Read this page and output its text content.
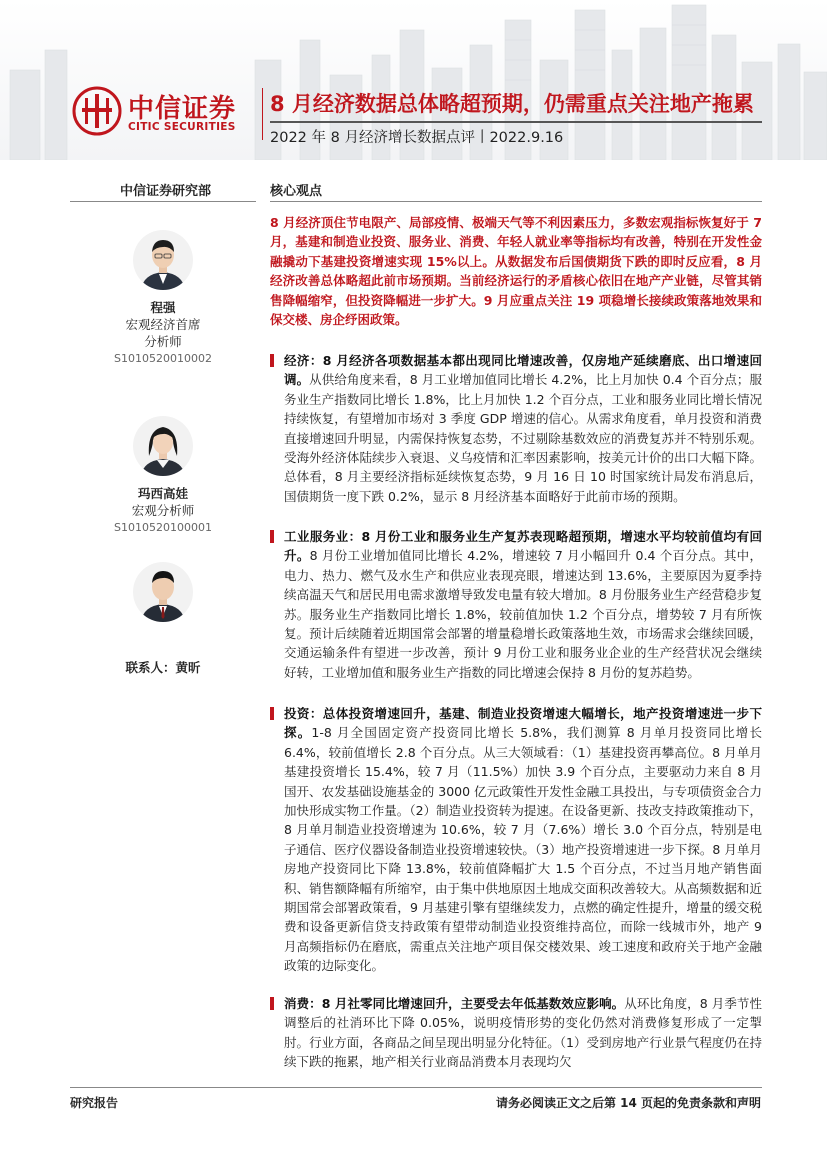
中信证券
CITIC SECURITIES
8 月经济数据总体略超预期，仍需重点关注地产拖累
2022 年 8 月经济增长数据点评丨2022.9.16
中信证券研究部
程强
宏观经济首席
分析师
S1010520010002
玛西高娃
宏观分析师
S1010520100001
联系人：黄昕
核心观点
8 月经济顶住节电限产、局部疫情、极端天气等不利因素压力，多数宏观指标恢复好于 7 月，基建和制造业投资、服务业、消费、年轻人就业率等指标均有改善，特别在开发性金融撬动下基建投资增速实现 15%以上。从数据发布后国债期货下跌的即时反应看，8 月经济改善总体略超此前市场预期。当前经济运行的矛盾核心依旧在地产产业链，尽管其销售降幅缩窄，但投资降幅进一步扩大。9 月应重点关注 19 项稳增长接续政策落地效果和保交楼、房企纾困政策。
经济：8 月经济各项数据基本都出现同比增速改善，仅房地产延续磨底、出口增速回调。从供给角度来看，8 月工业增加值同比增长 4.2%，比上月加快 0.4 个百分点；服务业生产指数同比增长 1.8%，比上月加快 1.2 个百分点，工业和服务业同比增长情况持续恢复，有望增加市场对 3 季度 GDP 增速的信心。从需求角度看，单月投资和消费直接增速回升明显，内需保持恢复态势，不过剔除基数效应的消费复苏并不特别乐观。受海外经济体陆续步入衰退、义乌疫情和汇率因素影响，按美元计价的出口大幅下降。总体看，8 月主要经济指标延续恢复态势，9 月 16 日 10 时国家统计局发布消息后，国债期货一度下跌 0.2%，显示 8 月经济基本面略好于此前市场的预期。
工业服务业：8 月份工业和服务业生产复苏表现略超预期，增速水平均较前值均有回升。8 月份工业增加值同比增长 4.2%，增速较 7 月小幅回升 0.4 个百分点。其中，电力、热力、燃气及水生产和供应业表现亮眼，增速达到 13.6%，主要原因为夏季持续高温天气和居民用电需求激增导致发电量有较大增加。8 月份服务业生产经营稳步复苏。服务业生产指数同比增长 1.8%，较前值加快 1.2 个百分点，增势较 7 月有所恢复。预计后续随着近期国常会部署的增量稳增长政策落地生效，市场需求会继续回暖，交通运输条件有望进一步改善，预计 9 月份工业和服务业企业的生产经营状况会继续好转，工业增加值和服务业生产指数的同比增速会保持 8 月份的复苏趋势。
投资：总体投资增速回升，基建、制造业投资增速大幅增长，地产投资增速进一步下探。1-8 月全国固定资产投资同比增长 5.8%，我们测算 8 月单月投资同比增长 6.4%，较前值增长 2.8 个百分点。从三大领域看：（1）基建投资再攀高位。8 月单月基建投资增长 15.4%，较 7 月（11.5%）加快 3.9 个百分点，主要驱动力来自 8 月国开、农发基础设施基金的 3000 亿元政策性开发性金融工具投出，与专项债资金合力加快形成实物工作量。（2）制造业投资转为提速。在设备更新、技改支持政策推动下，8 月单月制造业投资增速为 10.6%，较 7 月（7.6%）增长 3.0 个百分点，特别是电子通信、医疗仪器设备制造业投资增速较快。（3）地产投资增速进一步下探。8 月单月房地产投资同比下降 13.8%，较前值降幅扩大 1.5 个百分点，不过当月地产销售面积、销售额降幅有所缩窄，由于集中供地原因土地成交面积改善较大。从高频数据和近期国常会部署政策看，9 月基建引擎有望继续发力，点燃的确定性提升，增量的缓交税费和设备更新信贷支持政策有望带动制造业投资维持高位，而除一线城市外，地产 9 月高频指标仍在磨底，需重点关注地产项目保交楼效果、竣工速度和政府关于地产金融政策的边际变化。
消费：8 月社零同比增速回升，主要受去年低基数效应影响。从环比角度，8 月季节性调整后的社消环比下降 0.05%，说明疫情形势的变化仍然对消费修复形成了一定掣肘。行业方面，各商品之间呈现出明显分化特征。（1）受到房地产行业景气程度仍在持续下跌的拖累，地产相关行业商品消费本月表现均欠
研究报告	请务必阅读正文之后第 14 页起的免责条款和声明
